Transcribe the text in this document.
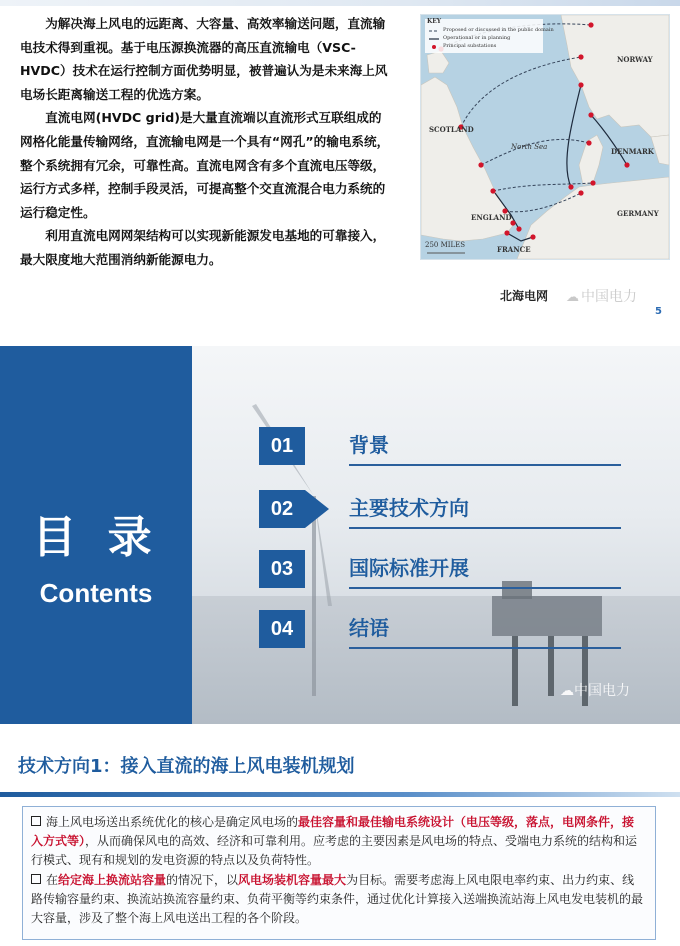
为解决海上风电的远距离、大容量、高效率输送问题，直流输电技术得到重视。基于电压源换流器的高压直流输电（VSC-HVDC）技术在运行控制方面优势明显，被普遍认为是未来海上风电场长距离输送工程的优选方案。

直流电网(HVDC grid)是大量直流端以直流形式互联组成的网格化能量传输网络，直流输电网是一个具有“网孔”的输电系统，整个系统拥有冗余，可靠性高。直流电网含有多个直流电压等级，运行方式多样，控制手段灵活，可提高整个交直流混合电力系统的运行稳定性。

利用直流电网网架结构可以实现新能源发电基地的可靠接入，最大限度地大范围消纳新能源电力。

KEY
Proposed or discussed in the public domain
Operational or in planning
Principal substations
NORWAY
SCOTLAND
North Sea	DENMARK
GERMANY
ENGLAND
FRANCE
250 MILES
北海电网 ☁ 中国电力
5
目 录
Contents
01	背景
02	主要技术方向
03	国际标准开展
04	结语
☁中国电力
技术方向1：接入直流的海上风电装机规划
海上风电场送出系统优化的核心是确定风电场的最佳容量和最佳输电系统设计（电压等级，落点，电网条件，接入方式等），从而确保风电的高效、经济和可靠利用。应考虑的主要因素是风电场的特点、受端电力系统的结构和运行模式、现有和规划的发电资源的特点以及负荷特性。
在给定海上换流站容量的情况下，以风电场装机容量最大为目标。需要考虑海上风电限电率约束、出力约束、线路传输容量约束、换流站换流容量约束、负荷平衡等约束条件，通过优化计算接入送端换流站海上风电发电装机的最大容量，涉及了整个海上风电送出工程的各个阶段。
